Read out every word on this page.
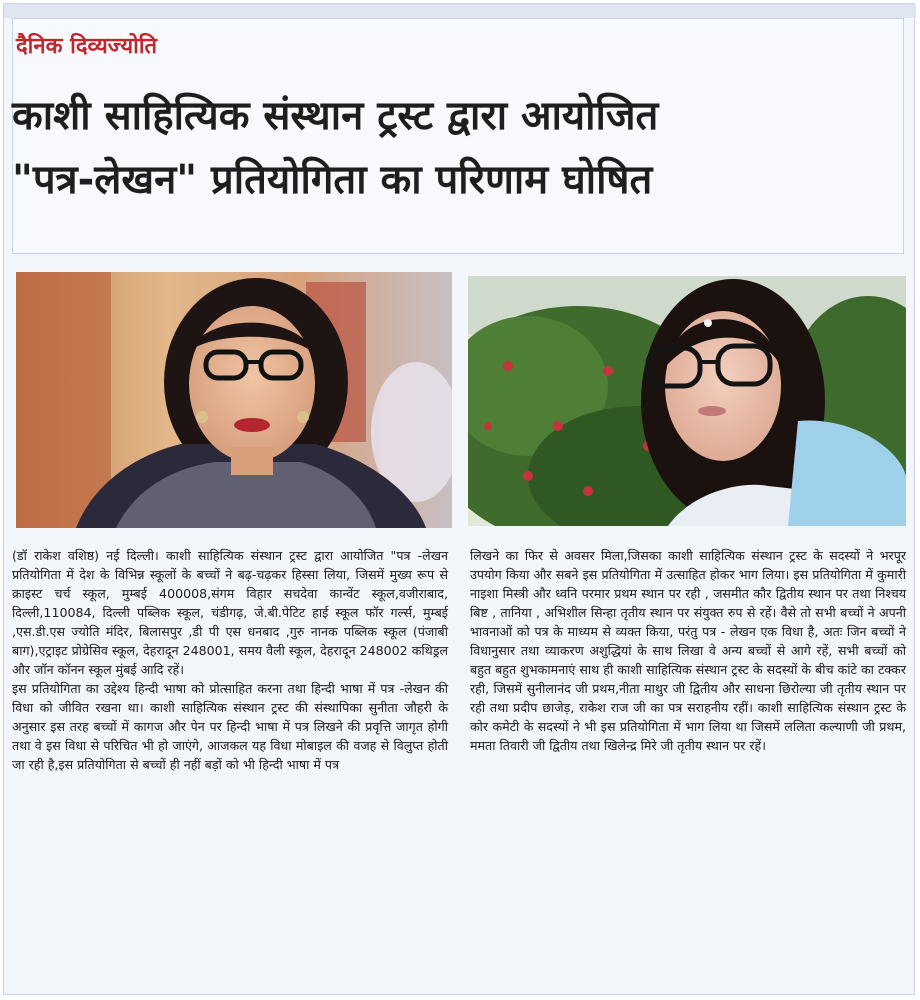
दैनिक दिव्यज्योति
काशी साहित्यिक संस्थान ट्रस्ट द्वारा आयोजित
"पत्र-लेखन" प्रतियोगिता का परिणाम घोषित

(डॉ राकेश वशिष्ठ) नई दिल्ली। काशी साहित्यिक संस्थान ट्रस्ट द्वारा आयोजित "पत्र -लेखन प्रतियोगिता में देश के विभिन्न स्कूलों के बच्चों ने बढ़-चढ़कर हिस्सा लिया, जिसमें मुख्य रूप से क्राइस्ट चर्च स्कूल, मुम्बई 400008,संगम विहार सचदेवा कान्वेंट स्कूल,वजीराबाद, दिल्ली,110084, दिल्ली पब्लिक स्कूल, चंडीगढ़, जे.बी.पेटिट हाई स्कूल फॉर गर्ल्स, मुम्बई ,एस.डी.एस ज्योति मंदिर, बिलासपुर ,डी पी एस धनबाद ,गुरु नानक पब्लिक स्कूल (पंजाबी बाग),एट्राइट प्रोग्रेसिव स्कूल, देहरादून 248001, समय वैली स्कूल, देहरादून 248002 कथिड्रल और जॉन कॉनन स्कूल मुंबई आदि रहें।

इस प्रतियोगिता का उद्देश्य हिन्दी भाषा को प्रोत्साहित करना तथा हिन्दी भाषा में पत्र -लेखन की विधा को जीवित रखना था। काशी साहित्यिक संस्थान ट्रस्ट की संस्थापिका सुनीता जौहरी के अनुसार इस तरह बच्चों में कागज और पेन पर हिन्दी भाषा में पत्र लिखने की प्रवृत्ति जागृत होगी तथा वे इस विधा से परिचित भी हो जाएंगे, आजकल यह विधा मोबाइल की वजह से विलुप्त होती जा रही है,इस प्रतियोगिता से बच्चों ही नहीं बड़ों को भी हिन्दी भाषा में पत्र

लिखने का फिर से अवसर मिला,जिसका काशी साहित्यिक संस्थान ट्रस्ट के सदस्यों ने भरपूर उपयोग किया और सबने इस प्रतियोगिता में उत्साहित होकर भाग लिया। इस प्रतियोगिता में कुमारी नाइशा मिस्त्री और ध्वनि परमार प्रथम स्थान पर रही , जसमीत कौर द्वितीय स्थान पर तथा निश्चय बिष्ट , तानिया , अभिशील सिन्हा तृतीय स्थान पर संयुक्त रुप से रहें। वैसे तो सभी बच्चों ने अपनी भावनाओं को पत्र के माध्यम से व्यक्त किया, परंतु पत्र - लेखन एक विधा है, अतः जिन बच्चों ने विधानुसार तथा व्याकरण अशुद्धियां के साथ लिखा वे अन्य बच्चों से आगे रहें, सभी बच्चों को बहुत बहुत शुभकामनाएं साथ ही काशी साहित्यिक संस्थान ट्रस्ट के सदस्यों के बीच कांटे का टक्कर रही, जिसमें सुनीलानंद जी प्रथम,नीता माथुर जी द्वितीय और साधना छिरोल्या जी तृतीय स्थान पर रही तथा प्रदीप छाजेड़, राकेश राज जी का पत्र सराहनीय रहीं। काशी साहित्यिक संस्थान ट्रस्ट के कोर कमेटी के सदस्यों ने भी इस प्रतियोगिता में भाग लिया था जिसमें ललिता कल्याणी जी प्रथम, ममता तिवारी जी द्वितीय तथा खिलेन्द्र मिरे जी तृतीय स्थान पर रहें।
